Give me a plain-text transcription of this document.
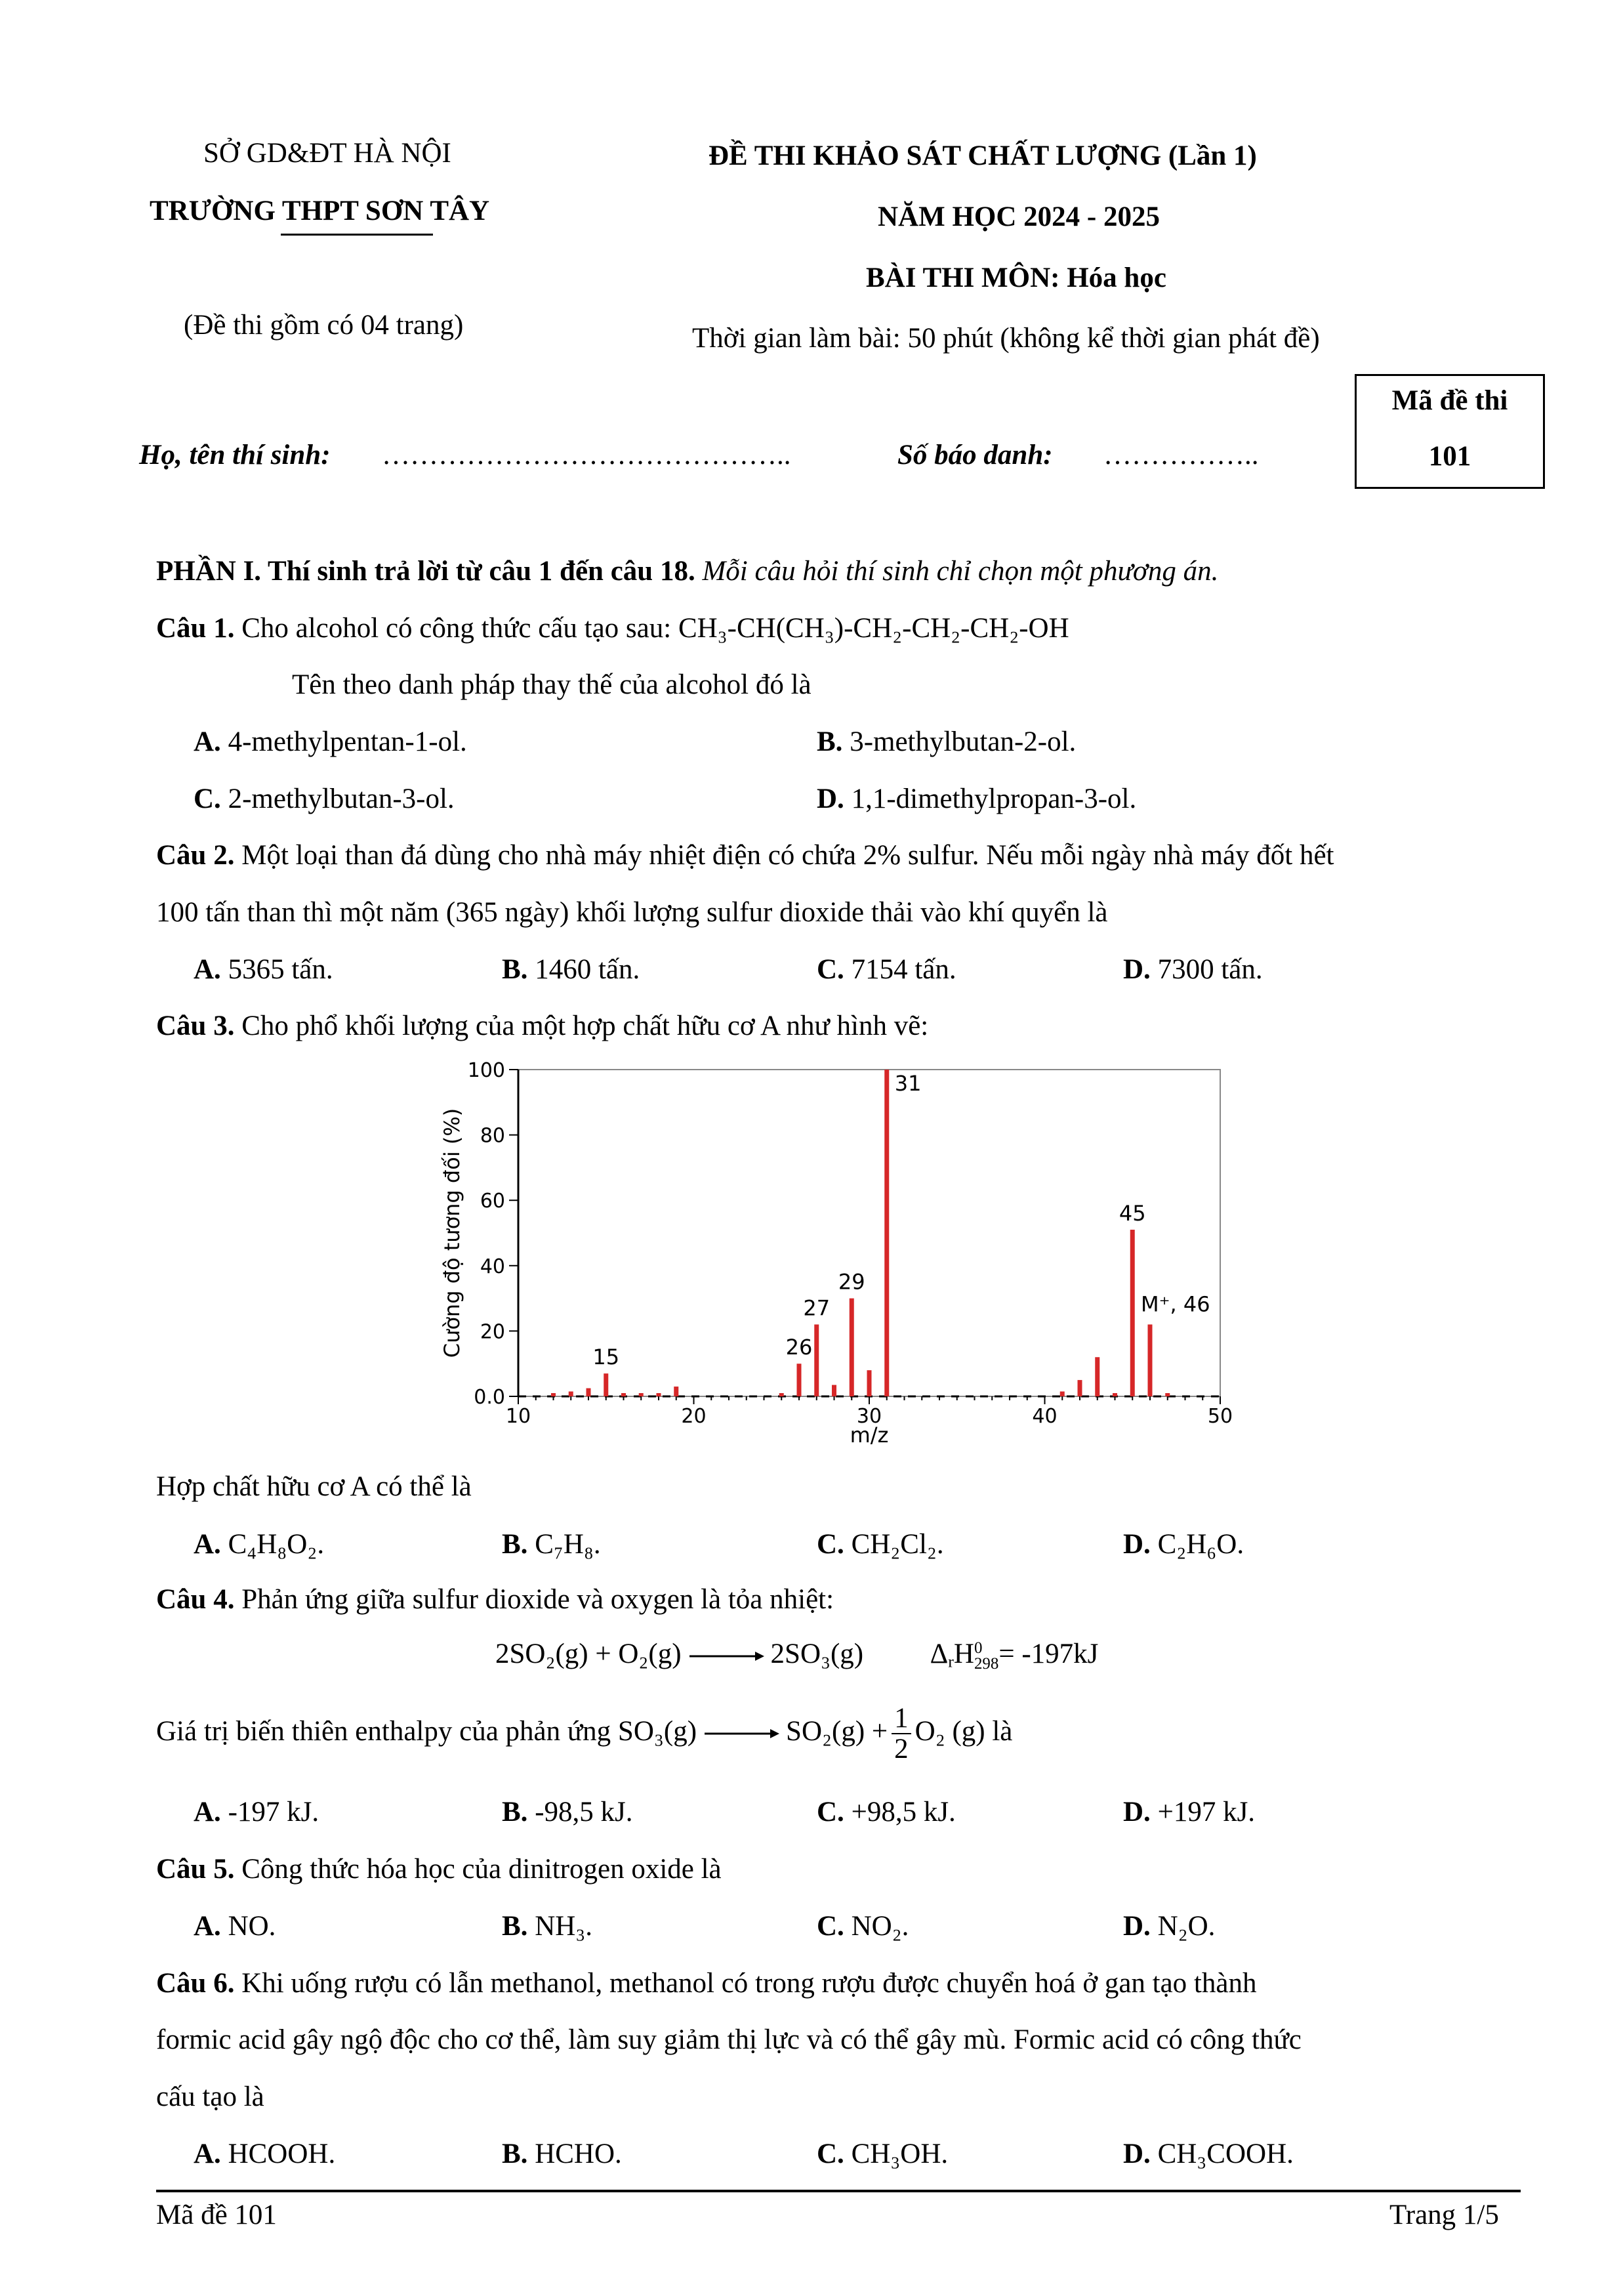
SỞ GD&ĐT HÀ NỘI
TRƯỜNG THPT SƠN TÂY
(Đề thi gồm có 04 trang)
ĐỀ THI KHẢO SÁT CHẤT LƯỢNG (Lần 1)
NĂM HỌC 2024 - 2025
BÀI THI MÔN: Hóa học
Thời gian làm bài: 50 phút (không kể thời gian phát đề)
Mã đề thi
101
Họ, tên thí sinh: ……………………………………..	Số báo danh: ……………..
PHẦN I. Thí sinh trả lời từ câu 1 đến câu 18. Mỗi câu hỏi thí sinh chỉ chọn một phương án.
Câu 1. Cho alcohol có công thức cấu tạo sau: CH₃-CH(CH₃)-CH₂-CH₂-CH₂-OH
Tên theo danh pháp thay thế của alcohol đó là
A. 4-methylpentan-1-ol.	B. 3-methylbutan-2-ol.
C. 2-methylbutan-3-ol.	D. 1,1-dimethylpropan-3-ol.
Câu 2. Một loại than đá dùng cho nhà máy nhiệt điện có chứa 2% sulfur. Nếu mỗi ngày nhà máy đốt hết
100 tấn than thì một năm (365 ngày) khối lượng sulfur dioxide thải vào khí quyển là
A. 5365 tấn.	B. 1460 tấn.	C. 7154 tấn.	D. 7300 tấn.
Câu 3. Cho phổ khối lượng của một hợp chất hữu cơ A như hình vẽ:
10	20	30	40	50
0.0
20
40
60
80
100
m/z
Cường độ tương đối (%)	15	26
27
29
31
45
M⁺, 46
Hợp chất hữu cơ A có thể là
A. C₄H₈O₂.	B. C₇H₈.	C. CH₂Cl₂.	D. C₂H₆O.
Câu 4. Phản ứng giữa sulfur dioxide và oxygen là tỏa nhiệt:
2SO₂(g) + O₂(g) → 2SO₃(g) $\Delta_rH$ 0
298 = -197kJ
Giá trị biến thiên enthalpy của phản ứng $SO_3(g) \to SO_2(g) + \frac{1}{2} O_2$ (g) là
A. -197 kJ.	B. -98,5 kJ.	C. +98,5 kJ.	D. +197 kJ.
Câu 5. Công thức hóa học của dinitrogen oxide là
A. NO.	B. NH₃.	C. NO₂.	D. N₂O.
Câu 6. Khi uống rượu có lẫn methanol, methanol có trong rượu được chuyển hoá ở gan tạo thành
formic acid gây ngộ độc cho cơ thể, làm suy giảm thị lực và có thể gây mù. Formic acid có công thức
cấu tạo là
A. HCOOH.	B. HCHO.	C. CH₃OH.	D. CH₃COOH.
Mã đề 101	Trang 1/5
